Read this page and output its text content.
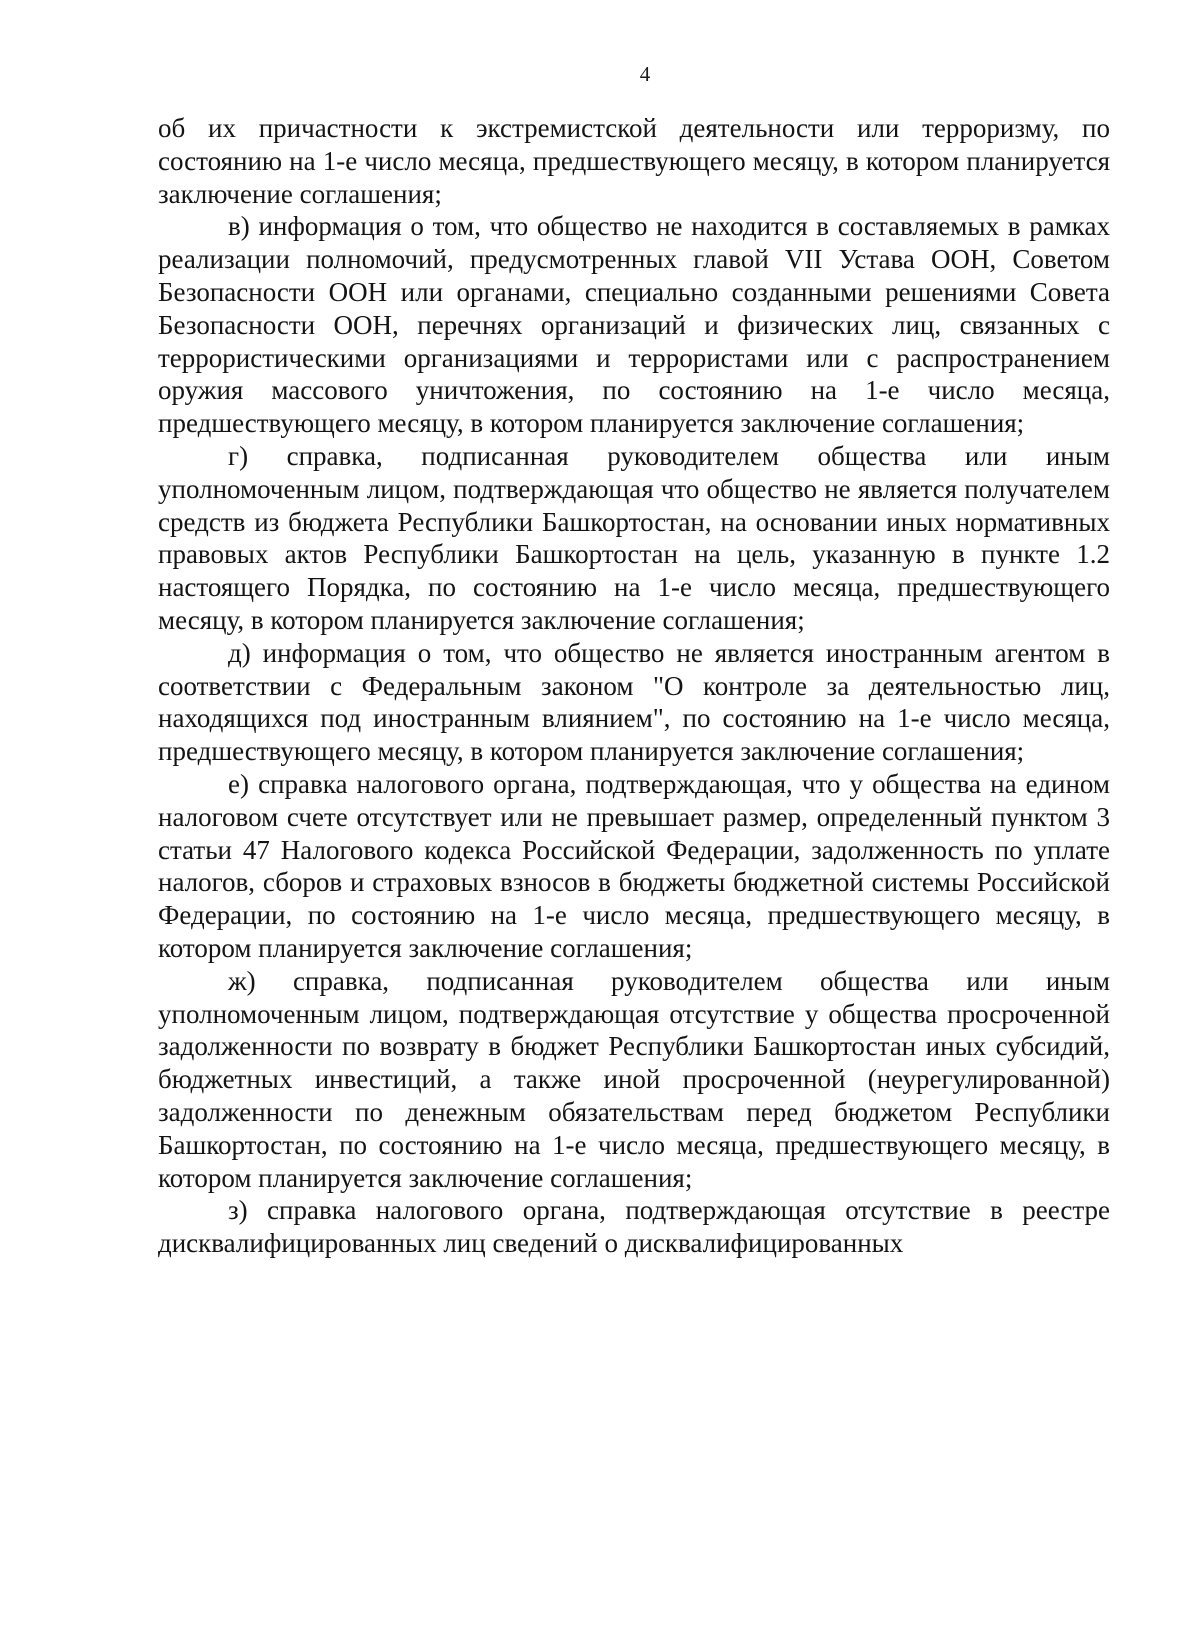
4

об их причастности к экстремистской деятельности или терроризму, по состоянию на 1-е число месяца, предшествующего месяцу, в котором планируется заключение соглашения;

в) информация о том, что общество не находится в составляемых в рамках реализации полномочий, предусмотренных главой VII Устава ООН, Советом Безопасности ООН или органами, специально созданными решениями Совета Безопасности ООН, перечнях организаций и физических лиц, связанных с террористическими организациями и террористами или с распространением оружия массового уничтожения, по состоянию на 1-е число месяца, предшествующего месяцу, в котором планируется заключение соглашения;

г) справка, подписанная руководителем общества или иным уполномоченным лицом, подтверждающая что общество не является получателем средств из бюджета Республики Башкортостан, на основании иных нормативных правовых актов Республики Башкортостан на цель, указанную в пункте 1.2 настоящего Порядка, по состоянию на 1-е число месяца, предшествующего месяцу, в котором планируется заключение соглашения;

д) информация о том, что общество не является иностранным агентом в соответствии с Федеральным законом "О контроле за деятельностью лиц, находящихся под иностранным влиянием", по состоянию на 1-е число месяца, предшествующего месяцу, в котором планируется заключение соглашения;

е) справка налогового органа, подтверждающая, что у общества на едином налоговом счете отсутствует или не превышает размер, определенный пунктом 3 статьи 47 Налогового кодекса Российской Федерации, задолженность по уплате налогов, сборов и страховых взносов в бюджеты бюджетной системы Российской Федерации, по состоянию на 1-е число месяца, предшествующего месяцу, в котором планируется заключение соглашения;

ж) справка, подписанная руководителем общества или иным уполномоченным лицом, подтверждающая отсутствие у общества просроченной задолженности по возврату в бюджет Республики Башкортостан иных субсидий, бюджетных инвестиций, а также иной просроченной (неурегулированной) задолженности по денежным обязательствам перед бюджетом Республики Башкортостан, по состоянию на 1-е число месяца, предшествующего месяцу, в котором планируется заключение соглашения;

з) справка налогового органа, подтверждающая отсутствие в реестре дисквалифицированных лиц сведений о дисквалифицированных
